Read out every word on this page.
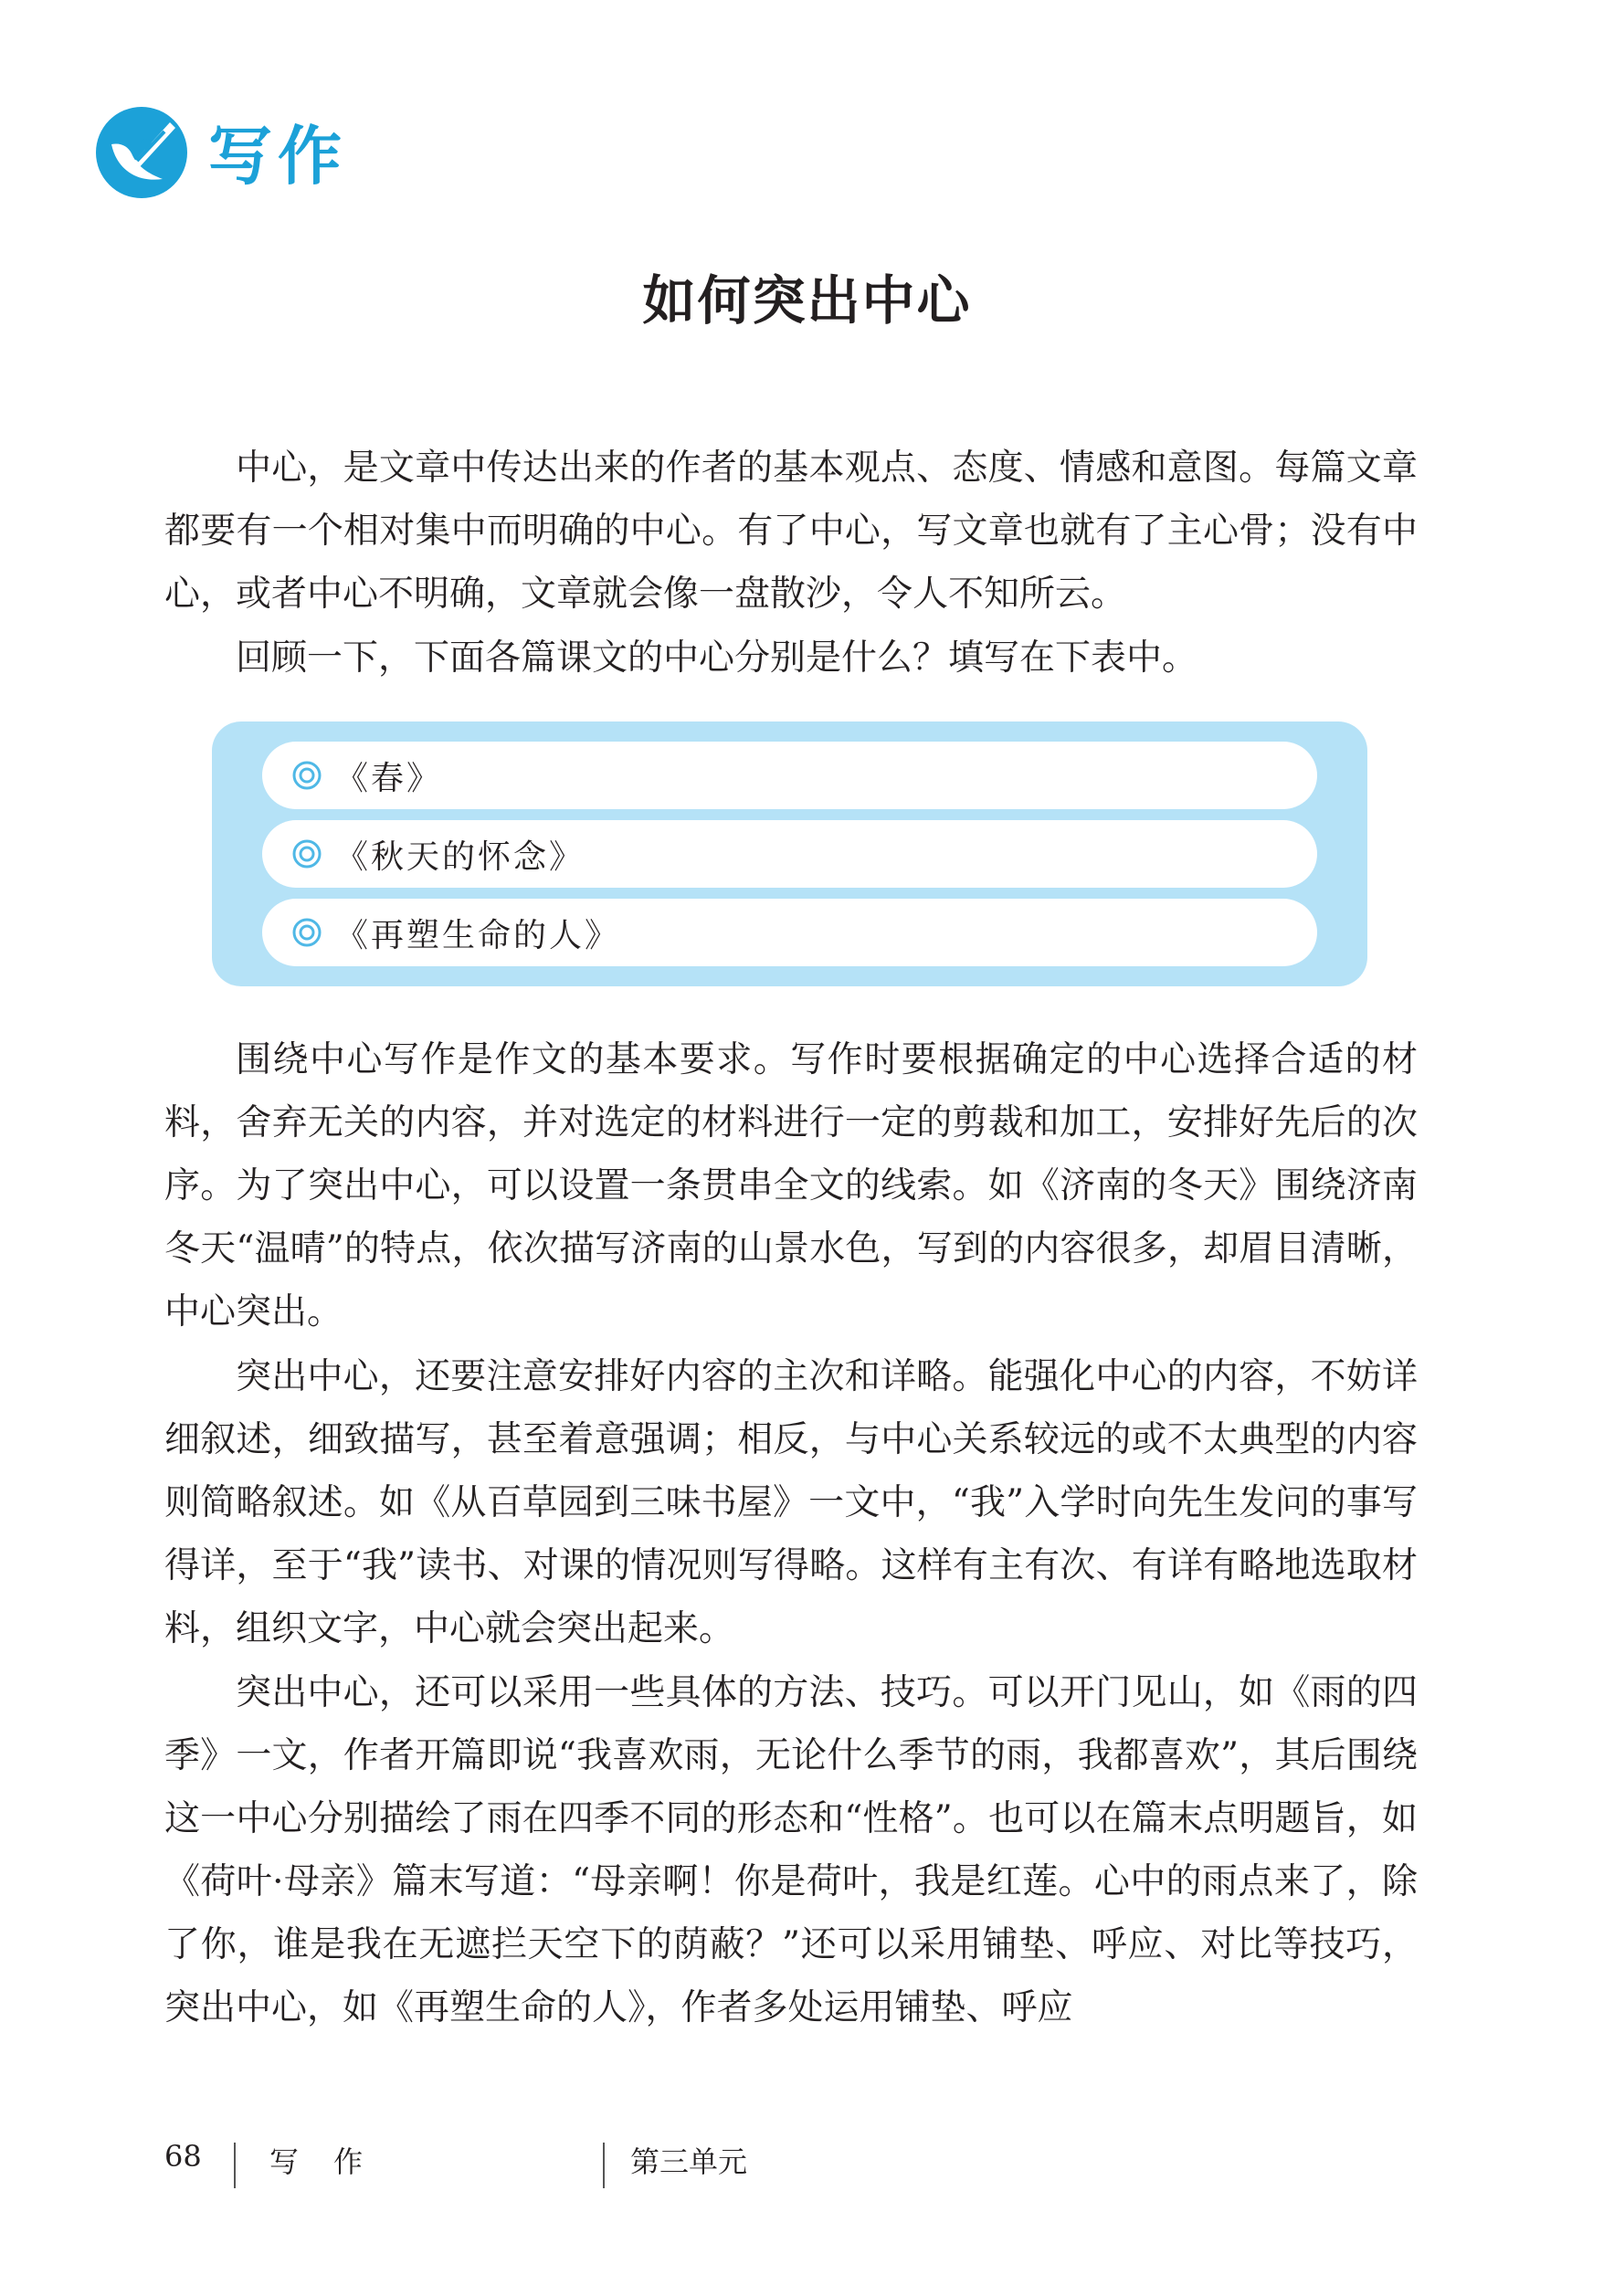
写作
如何突出中心

中心，是文章中传达出来的作者的基本观点、态度、情感和意图。每篇文章都要有一个相对集中而明确的中心。有了中心，写文章也就有了主心骨；没有中心，或者中心不明确，文章就会像一盘散沙，令人不知所云。

回顾一下，下面各篇课文的中心分别是什么？填写在下表中。

《春》
《秋天的怀念》
《再塑生命的人》

围绕中心写作是作文的基本要求。写作时要根据确定的中心选择合适的材料，舍弃无关的内容，并对选定的材料进行一定的剪裁和加工，安排好先后的次序。为了突出中心，可以设置一条贯串全文的线索。如《济南的冬天》围绕济南冬天“温晴”的特点，依次描写济南的山景水色，写到的内容很多，却眉目清晰，中心突出。

突出中心，还要注意安排好内容的主次和详略。能强化中心的内容，不妨详细叙述，细致描写，甚至着意强调；相反，与中心关系较远的或不太典型的内容则简略叙述。如《从百草园到三味书屋》一文中，“我”入学时向先生发问的事写得详，至于“我”读书、对课的情况则写得略。这样有主有次、有详有略地选取材料，组织文字，中心就会突出起来。

突出中心，还可以采用一些具体的方法、技巧。可以开门见山，如《雨的四季》一文，作者开篇即说“我喜欢雨，无论什么季节的雨，我都喜欢”，其后围绕这一中心分别描绘了雨在四季不同的形态和“性格”。也可以在篇末点明题旨，如《荷叶·母亲》篇末写道：“母亲啊！你是荷叶，我是红莲。心中的雨点来了，除了你，谁是我在无遮拦天空下的荫蔽？”还可以采用铺垫、呼应、对比等技巧，突出中心，如《再塑生命的人》，作者多处运用铺垫、呼应

68 写 作	第三单元
